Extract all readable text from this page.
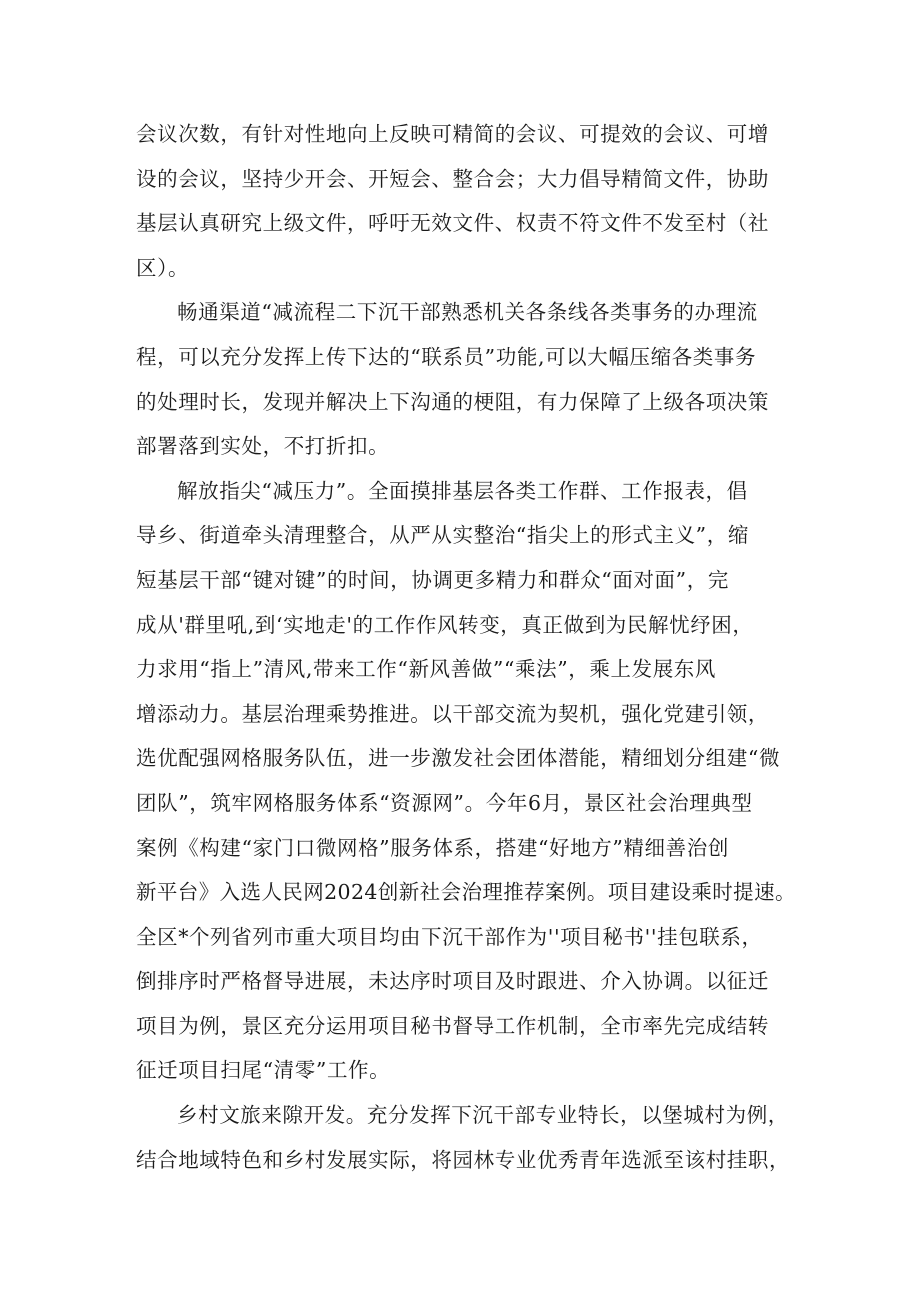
会议次数，有针对性地向上反映可精简的会议、可提效的会议、可增
设的会议，坚持少开会、开短会、整合会；大力倡导精简文件，协助
基层认真研究上级文件，呼吁无效文件、权责不符文件不发至村（社
区）。
畅通渠道“减流程二下沉干部熟悉机关各条线各类事务的办理流
程，可以充分发挥上传下达的“联系员”功能,可以大幅压缩各类事务
的处理时长，发现并解决上下沟通的梗阻，有力保障了上级各项决策
部署落到实处，不打折扣。
解放指尖“减压力”。全面摸排基层各类工作群、工作报表，倡
导乡、街道牵头清理整合，从严从实整治“指尖上的形式主义”，缩
短基层干部“键对键”的时间，协调更多精力和群众“面对面”，完
成从'群里吼,到‘实地走'的工作作风转变，真正做到为民解忧纾困，
力求用“指上”清风,带来工作“新风善做”“乘法”，乘上发展东风
增添动力。基层治理乘势推进。以干部交流为契机，强化党建引领，
选优配强网格服务队伍，进一步激发社会团体潜能，精细划分组建“微
团队”，筑牢网格服务体系“资源网”。今年6月，景区社会治理典型
案例《构建“家门口微网格”服务体系，搭建“好地方”精细善治创
新平台》入选人民网2024创新社会治理推荐案例。项目建设乘时提速。
全区*个列省列市重大项目均由下沉干部作为''项目秘书''挂包联系，
倒排序时严格督导进展，未达序时项目及时跟进、介入协调。以征迁
项目为例，景区充分运用项目秘书督导工作机制，全市率先完成结转
征迁项目扫尾“清零”工作。
乡村文旅来隙开发。充分发挥下沉干部专业特长，以堡城村为例，
结合地域特色和乡村发展实际，将园林专业优秀青年选派至该村挂职，
